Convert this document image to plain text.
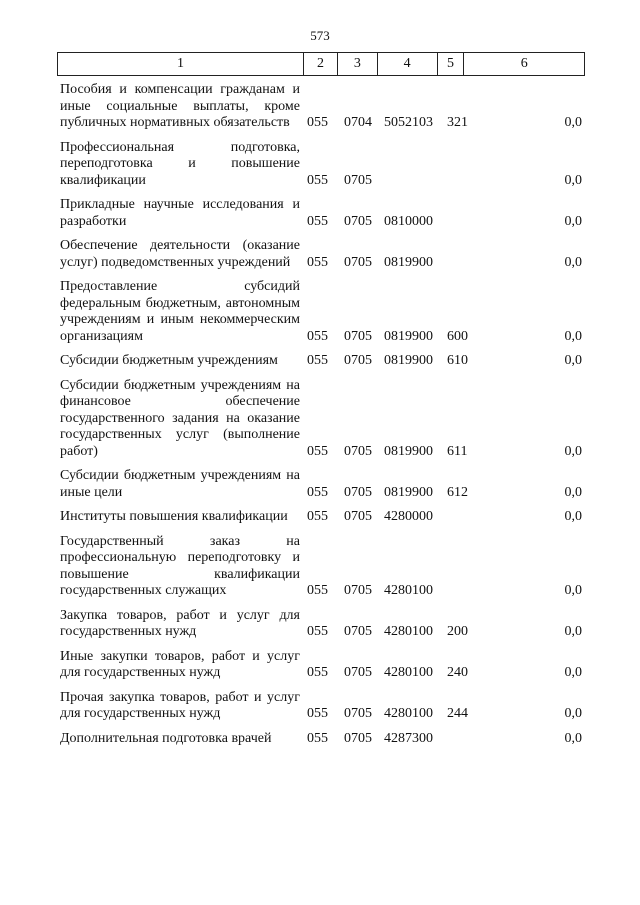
573
1	2	3	4	5	6
Пособия и компенсации гражданам и иные социальные выплаты, кроме публичных нормативных обязательств	055 0704 5052103 321	0,0
Профессиональная подготовка, переподготовка и повышение квалификации	055 0705	0,0
Прикладные научные исследования и разработки	055 0705 0810000	0,0
Обеспечение деятельности (оказание услуг) подведомственных учреждений	055 0705 0819900	0,0
Предоставление субсидий федеральным бюджетным, автономным учреждениям и иным некоммерческим организациям	055 0705 0819900 600	0,0
Субсидии бюджетным учреждениям	055 0705 0819900 610	0,0
Субсидии бюджетным учреждениям на финансовое обеспечение государственного задания на оказание государственных услуг (выполнение работ)	055 0705 0819900 611	0,0
Субсидии бюджетным учреждениям на иные цели	055 0705 0819900 612	0,0
Институты повышения квалификации	055 0705 4280000	0,0
Государственный заказ на профессиональную переподготовку и повышение квалификации государственных служащих	055 0705 4280100	0,0
Закупка товаров, работ и услуг для государственных нужд	055 0705 4280100 200	0,0
Иные закупки товаров, работ и услуг для государственных нужд	055 0705 4280100 240	0,0
Прочая закупка товаров, работ и услуг для государственных нужд	055 0705 4280100 244	0,0
Дополнительная подготовка врачей	055 0705 4287300	0,0
